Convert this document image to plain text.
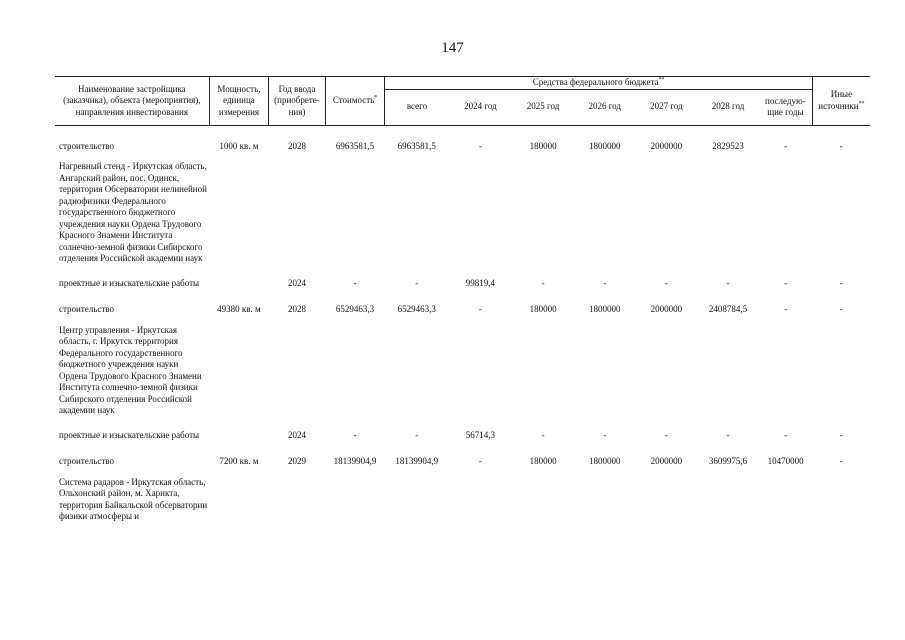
147
Наименование застройщика (заказчика), объекта (мероприятия), направления инвестирования	Мощность, единица измерения	Год ввода (приобрете-ния)	Стоимость*	Средства федерального бюджета**							Иные источники**
				всего	2024 год	2025 год	2026 год	2027 год	2028 год	последую-щие годы	

строительство	1000 кв. м	2028	6963581,5	6963581,5	-	180000	1800000	2000000	2829523	-	-
Нагревный стенд - Иркутская область, Ангарский район, пос. Одинск, территория Обсерватории нелинейной радиофизики Федерального государственного бюджетного учреждения науки Ордена Трудового Красного Знамени Института солнечно-земной физики Сибирского отделения Российской академии наук											
проектные и изыскательские работы		2024	-	-	99819,4	-	-	-	-	-	-
строительство	49380 кв. м	2028	6529463,3	6529463,3	-	180000	1800000	2000000	2408784,5	-	-
Центр управления - Иркутская область, г. Иркутск территория Федерального государственного бюджетного учреждения науки Ордена Трудового Красного Знамени Института солнечно-земной физики Сибирского отделения Российской академии наук											
проектные и изыскательские работы		2024	-	-	56714,3	-	-	-	-	-	-
строительство	7200 кв. м	2029	18139904,9	18139904,9	-	180000	1800000	2000000	3609975,6	10470000	-
Система радаров - Иркутская область, Ольхонский район, м. Харикта, территория Байкальской обсерватории физики атмосферы и											
